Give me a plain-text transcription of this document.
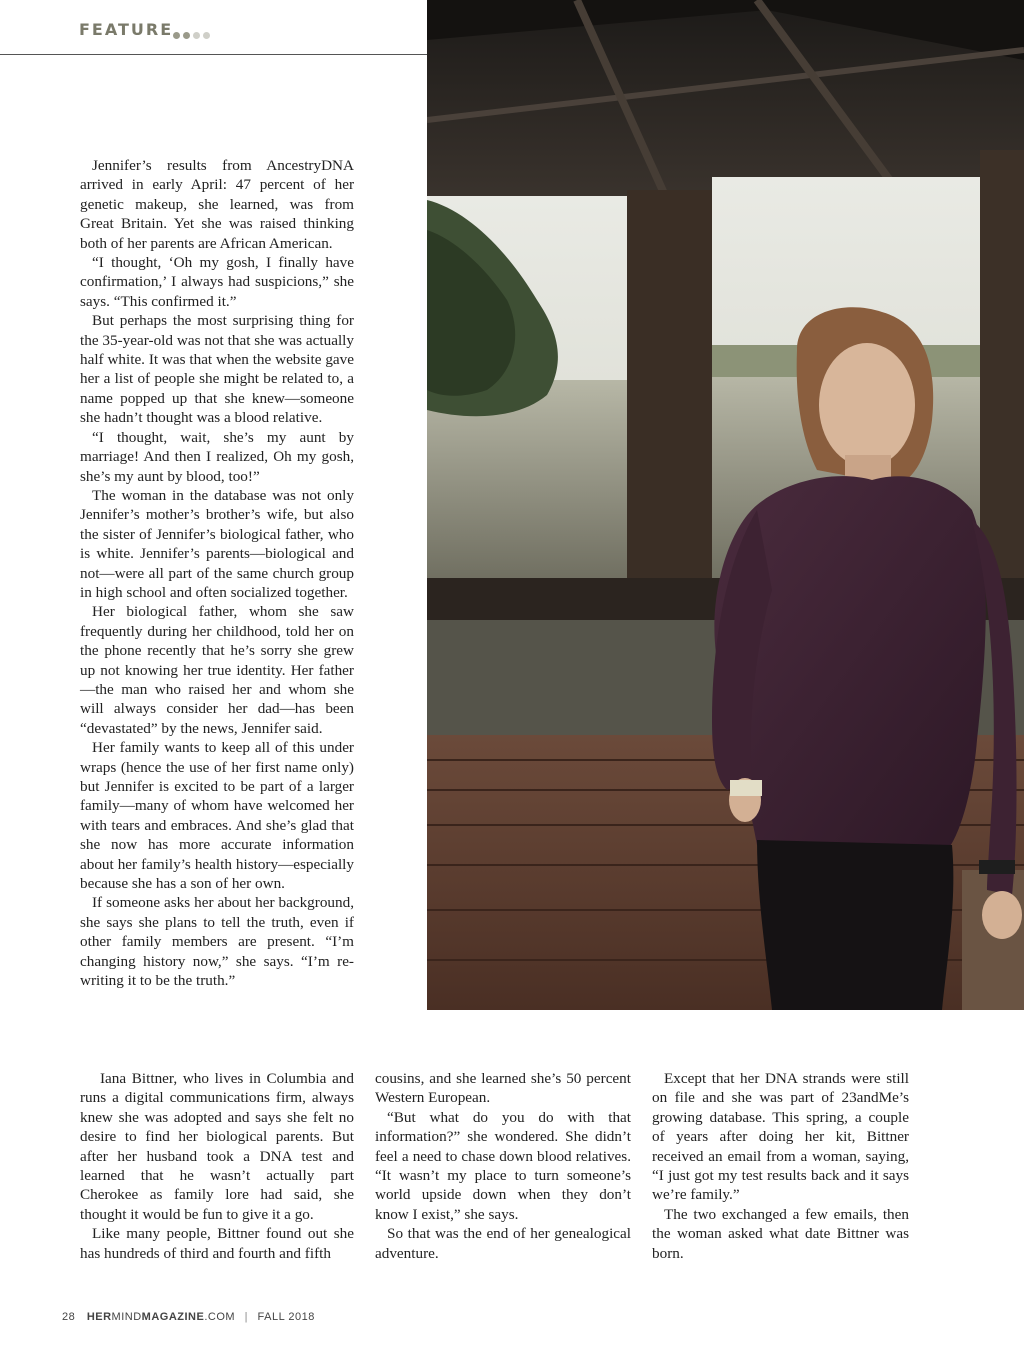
FEATURE

Jennifer’s results from AncestryDNA arrived in early April: 47 percent of her genetic makeup, she learned, was from Great Britain. Yet she was raised thinking both of her parents are African American.

“I thought, ‘Oh my gosh, I finally have confirmation,’ I always had suspicions,” she says. “This confirmed it.”

But perhaps the most surprising thing for the 35-year-old was not that she was actually half white. It was that when the website gave her a list of people she might be related to, a name popped up that she knew—someone she hadn’t thought was a blood relative.

“I thought, wait, she’s my aunt by marriage! And then I realized, Oh my gosh, she’s my aunt by blood, too!”

The woman in the database was not only Jennifer’s mother’s brother’s wife, but also the sister of Jennifer’s biological father, who is white. Jennifer’s parents—biological and not—were all part of the same church group in high school and often socialized together.

Her biological father, whom she saw frequently during her childhood, told her on the phone recently that he’s sorry she grew up not knowing her true identity. Her father—the man who raised her and whom she will always consider her dad—has been “devastated” by the news, Jennifer said.

Her family wants to keep all of this under wraps (hence the use of her first name only) but Jennifer is excited to be part of a larger family—many of whom have welcomed her with tears and embraces. And she’s glad that she now has more accurate information about her family’s health history—especially because she has a son of her own.

If someone asks her about her background, she says she plans to tell the truth, even if other family members are present. “I’m changing history now,” she says. “I’m re-writing it to be the truth.”

Iana Bittner, who lives in Columbia and runs a digital communications firm, always knew she was adopted and says she felt no desire to find her biological parents. But after her husband took a DNA test and learned that he wasn’t actually part Cherokee as family lore had said, she thought it would be fun to give it a go.

Like many people, Bittner found out she has hundreds of third and fourth and fifth

cousins, and she learned she’s 50 percent Western European.

“But what do you do with that information?” she wondered. She didn’t feel a need to chase down blood relatives. “It wasn’t my place to turn someone’s world upside down when they don’t know I exist,” she says.

So that was the end of her genealogical adventure.

Except that her DNA strands were still on file and she was part of 23andMe’s growing database. This spring, a couple of years after doing her kit, Bittner received an email from a woman, saying, “I just got my test results back and it says we’re family.”

The two exchanged a few emails, then the woman asked what date Bittner was born.

28 HERMINDMAGAZINE.COM | FALL 2018
